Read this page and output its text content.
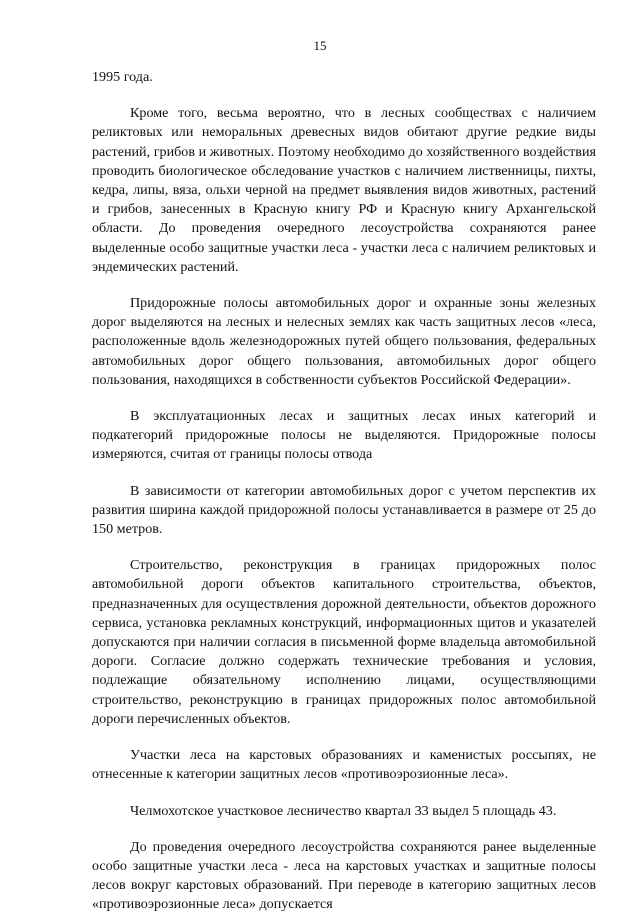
15

1995 года.

Кроме того, весьма вероятно, что в лесных сообществах с наличием реликтовых или неморальных древесных видов обитают другие редкие виды растений, грибов и животных. Поэтому необходимо до хозяйственного воздействия проводить биологическое обследование участков с наличием лиственницы, пихты, кедра, липы, вяза, ольхи черной на предмет выявления видов животных, растений и грибов, занесенных в Красную книгу РФ и Красную книгу Архангельской области. До проведения очередного лесоустройства сохраняются ранее выделенные особо защитные участки леса - участки леса с наличием реликтовых и эндемических растений.

Придорожные полосы автомобильных дорог и охранные зоны железных дорог выделяются на лесных и нелесных землях как часть защитных лесов «леса, расположенные вдоль железнодорожных путей общего пользования, федеральных автомобильных дорог общего пользования, автомобильных дорог общего пользования, находящихся в собственности субъектов Российской Федерации».

В эксплуатационных лесах и защитных лесах иных категорий и подкатегорий придорожные полосы не выделяются. Придорожные полосы измеряются, считая от границы полосы отвода

В зависимости от категории автомобильных дорог с учетом перспектив их развития ширина каждой придорожной полосы устанавливается в размере от 25 до 150 метров.

Строительство, реконструкция в границах придорожных полос автомобильной дороги объектов капитального строительства, объектов, предназначенных для осуществления дорожной деятельности, объектов дорожного сервиса, установка рекламных конструкций, информационных щитов и указателей допускаются при наличии согласия в письменной форме владельца автомобильной дороги. Согласие должно содержать технические требования и условия, подлежащие обязательному исполнению лицами, осуществляющими строительство, реконструкцию в границах придорожных полос автомобильной дороги перечисленных объектов.

Участки леса на карстовых образованиях и каменистых россыпях, не отнесенные к категории защитных лесов «противоэрозионные леса».

Челмохотское участковое лесничество квартал 33 выдел 5 площадь 43.

До проведения очередного лесоустройства сохраняются ранее выделенные особо защитные участки леса - леса на карстовых участках и защитные полосы лесов вокруг карстовых образований. При переводе в категорию защитных лесов «противоэрозионные леса» допускается
